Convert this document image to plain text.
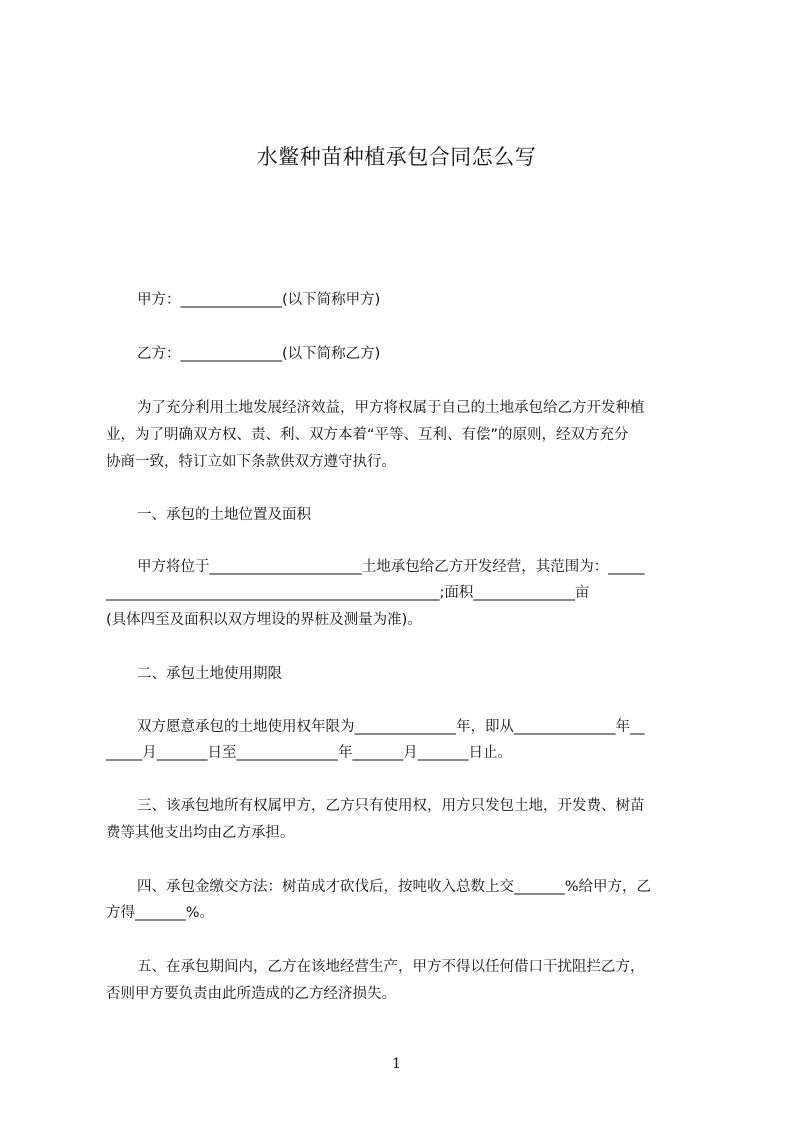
水鳖种苗种植承包合同怎么写
甲方：______________(以下简称甲方)
乙方：______________(以下简称乙方)
为了充分利用土地发展经济效益，甲方将权属于自己的土地承包给乙方开发种植
业，为了明确双方权、责、利、双方本着“平等、互利、有偿”的原则，经双方充分
协商一致，特订立如下条款供双方遵守执行。
一、承包的土地位置及面积
甲方将位于_____________________土地承包给乙方开发经营，其范围为：_____
______________________________________________;面积______________亩
(具体四至及面积以双方埋设的界桩及测量为准)。
二、承包土地使用期限
双方愿意承包的土地使用权年限为______________年，即从______________年__
_____月_______日至______________年_______月_______日止。
三、该承包地所有权属甲方，乙方只有使用权，用方只发包土地，开发费、树苗
费等其他支出均由乙方承担。
四、承包金缴交方法：树苗成才砍伐后，按吨收入总数上交_______%给甲方，乙
方得_______%。
五、在承包期间内，乙方在该地经营生产，甲方不得以任何借口干扰阻拦乙方，
否则甲方要负责由此所造成的乙方经济损失。
1
